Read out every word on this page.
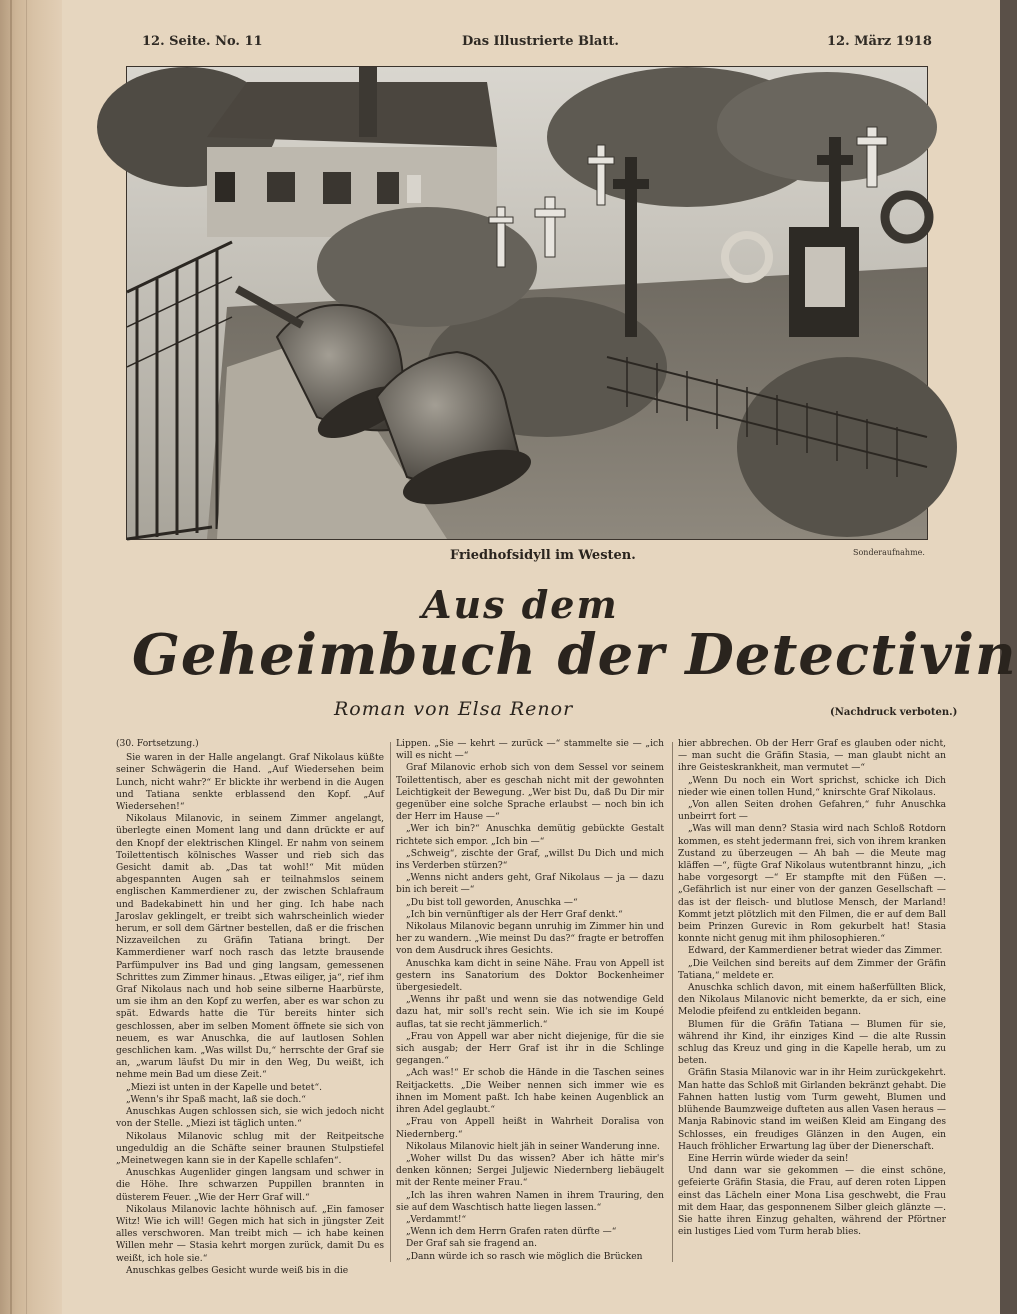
12. Seite. No. 11	Das Illustrierte Blatt.	12. März 1918
Friedhofsidyll im Westen.	Sonderaufnahme.
Aus dem
Geheimbuch der Detectivin
Roman von Elsa Renor	(Nachdruck verboten.)

(30. Fortsetzung.)

Sie waren in der Halle angelangt. Graf Nikolaus küßte seiner Schwägerin die Hand. „Auf Wiedersehen beim Lunch, nicht wahr?“ Er blickte ihr werbend in die Augen und Tatiana senkte erblassend den Kopf. „Auf Wiedersehen!“

Nikolaus Milanovic, in seinem Zimmer angelangt, überlegte einen Moment lang und dann drückte er auf den Knopf der elektrischen Klingel. Er nahm von seinem Toilettentisch kölnisches Wasser und rieb sich das Gesicht damit ab. „Das tat wohl!“ Mit müden abgespannten Augen sah er teilnahmslos seinem englischen Kammerdiener zu, der zwischen Schlafraum und Badekabinett hin und her ging. Ich habe nach Jaroslav geklingelt, er treibt sich wahrscheinlich wieder herum, er soll dem Gärtner bestellen, daß er die frischen Nizzaveilchen zu Gräfin Tatiana bringt. Der Kammerdiener warf noch rasch das letzte brausende Parfümpulver ins Bad und ging langsam, gemessenen Schrittes zum Zimmer hinaus. „Etwas eiliger, ja“, rief ihm Graf Nikolaus nach und hob seine silberne Haarbürste, um sie ihm an den Kopf zu werfen, aber es war schon zu spät. Edwards hatte die Tür bereits hinter sich geschlossen, aber im selben Moment öffnete sie sich von neuem, es war Anuschka, die auf lautlosen Sohlen geschlichen kam. „Was willst Du,“ herrschte der Graf sie an, „warum läufst Du mir in den Weg, Du weißt, ich nehme mein Bad um diese Zeit.“

„Miezi ist unten in der Kapelle und betet“.

„Wenn's ihr Spaß macht, laß sie doch.“

Anuschkas Augen schlossen sich, sie wich jedoch nicht von der Stelle. „Miezi ist täglich unten.“

Nikolaus Milanovic schlug mit der Reitpeitsche ungeduldig an die Schäfte seiner braunen Stulpstiefel „Meinetwegen kann sie in der Kapelle schlafen“.

Anuschkas Augenlider gingen langsam und schwer in die Höhe. Ihre schwarzen Puppillen brannten in düsterem Feuer. „Wie der Herr Graf will.“

Nikolaus Milanovic lachte höhnisch auf. „Ein famoser Witz! Wie ich will! Gegen mich hat sich in jüngster Zeit alles verschworen. Man treibt mich — ich habe keinen Willen mehr — Stasia kehrt morgen zurück, damit Du es weißt, ich hole sie.“

Anuschkas gelbes Gesicht wurde weiß bis in die

Lippen. „Sie — kehrt — zurück —“ stammelte sie — „ich will es nicht —“

Graf Milanovic erhob sich von dem Sessel vor seinem Toilettentisch, aber es geschah nicht mit der gewohnten Leichtigkeit der Bewegung. „Wer bist Du, daß Du Dir mir gegenüber eine solche Sprache erlaubst — noch bin ich der Herr im Hause —“

„Wer ich bin?“ Anuschka demütig gebückte Gestalt richtete sich empor. „Ich bin —“

„Schweig“, zischte der Graf, „willst Du Dich und mich ins Verderben stürzen?“

„Wenns nicht anders geht, Graf Nikolaus — ja — dazu bin ich bereit —“

„Du bist toll geworden, Anuschka —“

„Ich bin vernünftiger als der Herr Graf denkt.“

Nikolaus Milanovic begann unruhig im Zimmer hin und her zu wandern. „Wie meinst Du das?“ fragte er betroffen von dem Ausdruck ihres Gesichts.

Anuschka kam dicht in seine Nähe. Frau von Appell ist gestern ins Sanatorium des Doktor Bockenheimer übergesiedelt.

„Wenns ihr paßt und wenn sie das notwendige Geld dazu hat, mir soll's recht sein. Wie ich sie im Koupé auflas, tat sie recht jämmerlich.“

„Frau von Appell war aber nicht diejenige, für die sie sich ausgab; der Herr Graf ist ihr in die Schlinge gegangen.“

„Ach was!“ Er schob die Hände in die Taschen seines Reitjacketts. „Die Weiber nennen sich immer wie es ihnen im Moment paßt. Ich habe keinen Augenblick an ihren Adel geglaubt.“

„Frau von Appell heißt in Wahrheit Doralisa von Niedernberg.“

Nikolaus Milanovic hielt jäh in seiner Wanderung inne.

„Woher willst Du das wissen? Aber ich hätte mir's denken können; Sergei Juljewic Niedernberg liebäugelt mit der Rente meiner Frau.“

„Ich las ihren wahren Namen in ihrem Trauring, den sie auf dem Waschtisch hatte liegen lassen.“

„Verdammt!“

„Wenn ich dem Herrn Grafen raten dürfte —“

Der Graf sah sie fragend an.

„Dann würde ich so rasch wie möglich die Brücken

hier abbrechen. Ob der Herr Graf es glauben oder nicht, — man sucht die Gräfin Stasia, — man glaubt nicht an ihre Geisteskrankheit, man vermutet —“

„Wenn Du noch ein Wort sprichst, schicke ich Dich nieder wie einen tollen Hund,“ knirschte Graf Nikolaus.

„Von allen Seiten drohen Gefahren,“ fuhr Anuschka unbeirrt fort —

„Was will man denn? Stasia wird nach Schloß Rotdorn kommen, es steht jedermann frei, sich von ihrem kranken Zustand zu überzeugen — Ah bah — die Meute mag kläffen —“, fügte Graf Nikolaus wutentbrannt hinzu, „ich habe vorgesorgt —“ Er stampfte mit den Füßen —. „Gefährlich ist nur einer von der ganzen Gesellschaft — das ist der fleisch- und blutlose Mensch, der Marland! Kommt jetzt plötzlich mit den Filmen, die er auf dem Ball beim Prinzen Gurevic in Rom gekurbelt hat! Stasia konnte nicht genug mit ihm philosophieren.“

Edward, der Kammerdiener betrat wieder das Zimmer.

„Die Veilchen sind bereits auf dem Zimmer der Gräfin Tatiana,“ meldete er.

Anuschka schlich davon, mit einem haßerfüllten Blick, den Nikolaus Milanovic nicht bemerkte, da er sich, eine Melodie pfeifend zu entkleiden begann.

Blumen für die Gräfin Tatiana — Blumen für sie, während ihr Kind, ihr einziges Kind — die alte Russin schlug das Kreuz und ging in die Kapelle herab, um zu beten.

Gräfin Stasia Milanovic war in ihr Heim zurückgekehrt. Man hatte das Schloß mit Girlanden bekränzt gehabt. Die Fahnen hatten lustig vom Turm geweht, Blumen und blühende Baumzweige dufteten aus allen Vasen heraus — Manja Rabinovic stand im weißen Kleid am Eingang des Schlosses, ein freudiges Glänzen in den Augen, ein Hauch fröhlicher Erwartung lag über der Dienerschaft.

Eine Herrin würde wieder da sein!

Und dann war sie gekommen — die einst schöne, gefeierte Gräfin Stasia, die Frau, auf deren roten Lippen einst das Lächeln einer Mona Lisa geschwebt, die Frau mit dem Haar, das gesponnenem Silber gleich glänzte —. Sie hatte ihren Einzug gehalten, während der Pförtner ein lustiges Lied vom Turm herab blies.
